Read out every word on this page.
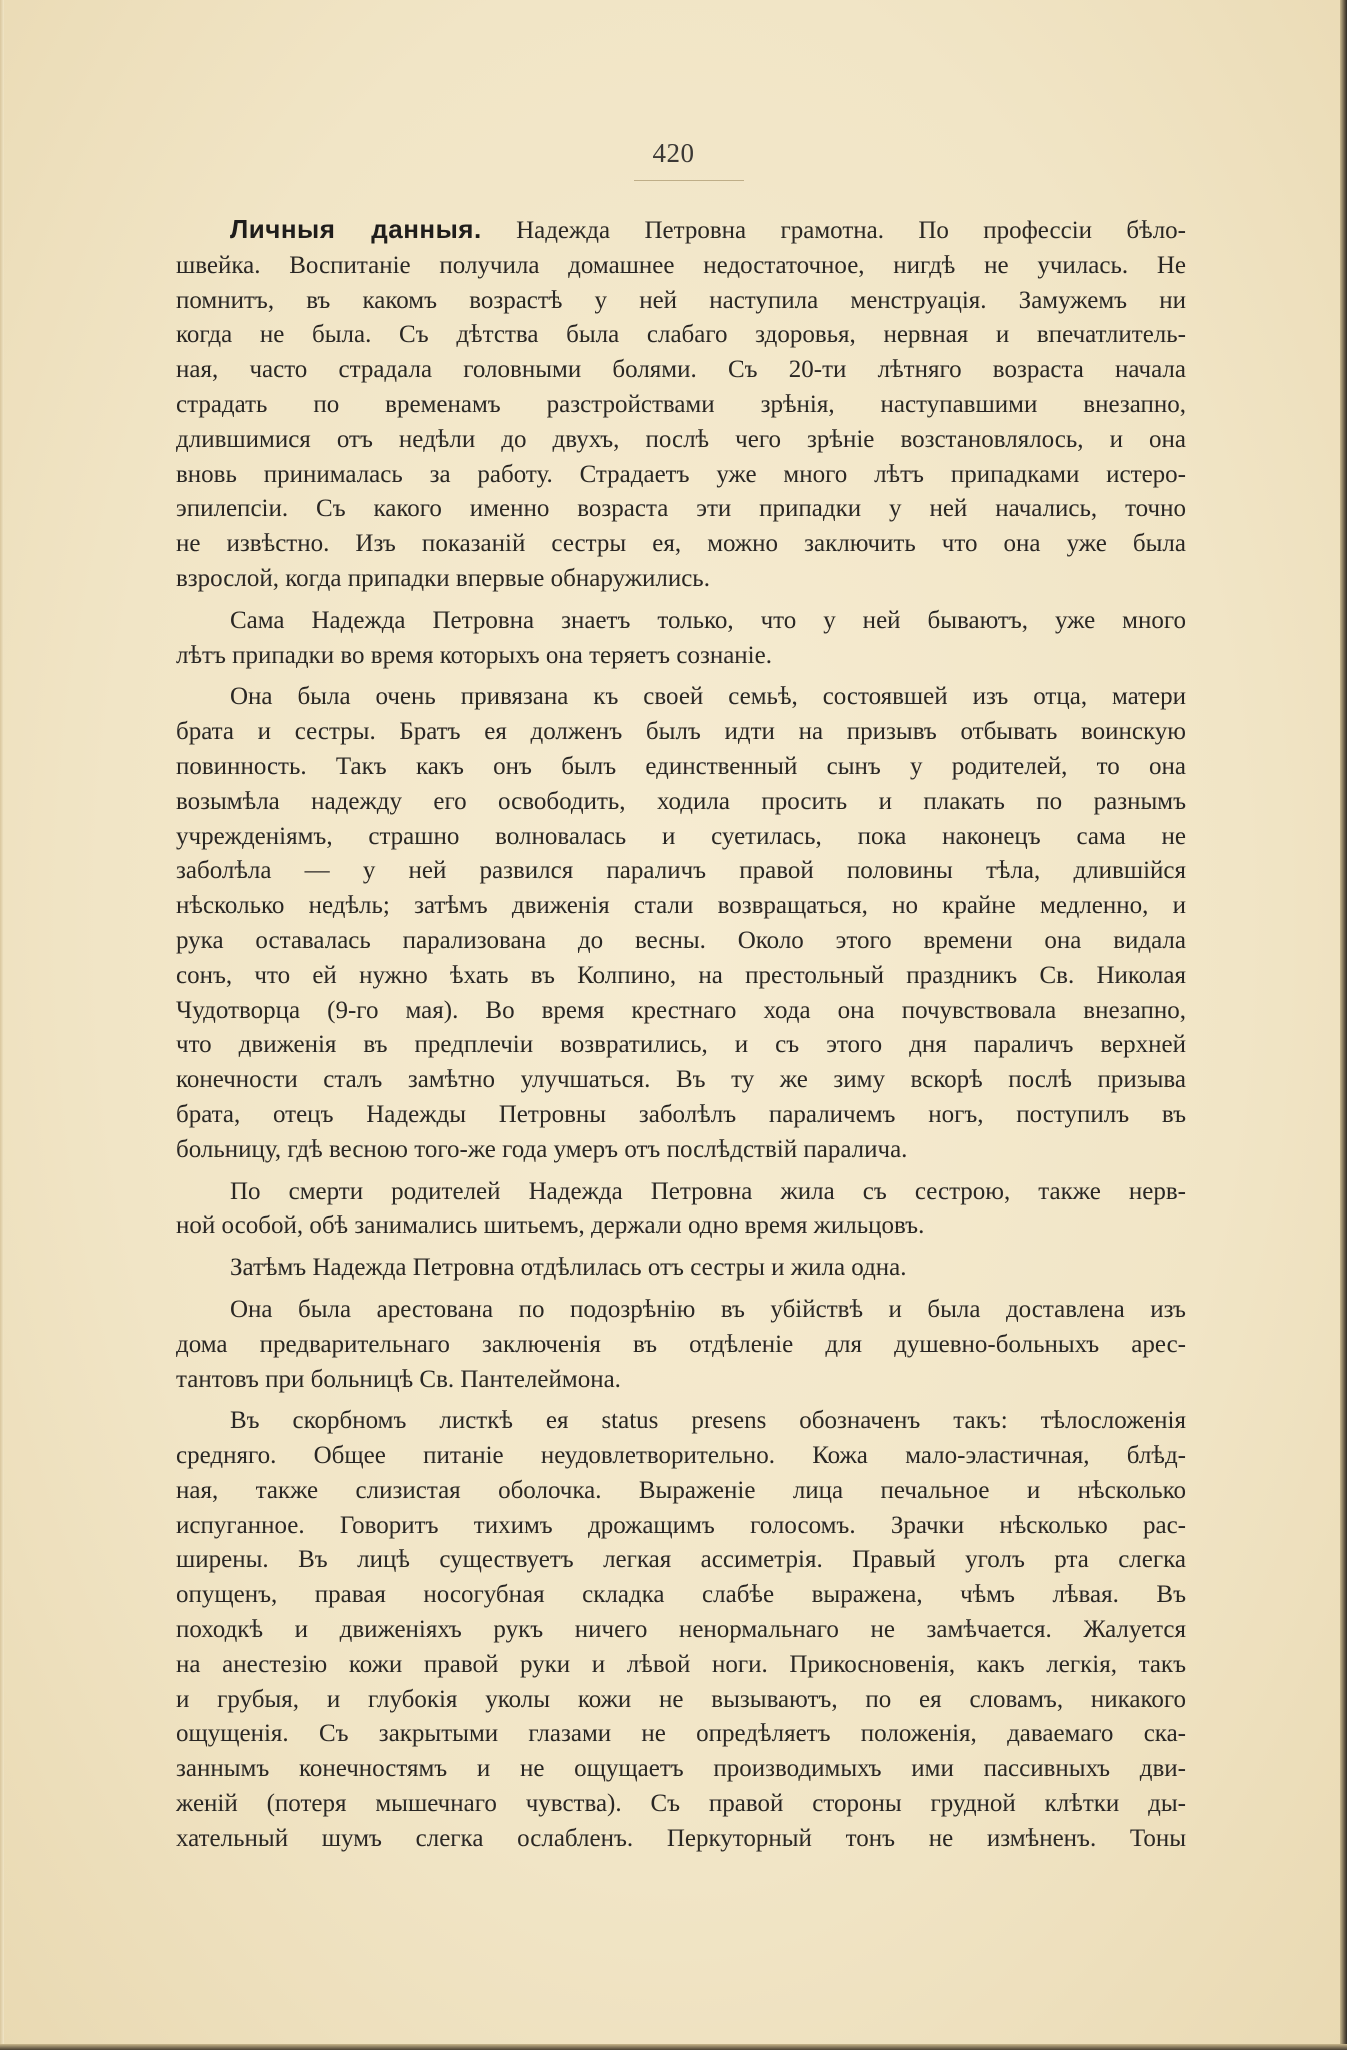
420
Личныя данныя. Надежда Петровна грамотна. По профессіи бѣло-
швейка. Воспитаніе получила домашнее недостаточное, нигдѣ не училась. Не
помнитъ, въ какомъ возрастѣ у ней наступила менструація. Замужемъ ни
когда не была. Съ дѣтства была слабаго здоровья, нервная и впечатлитель-
ная, часто страдала головными болями. Съ 20-ти лѣтняго возраста начала
страдать по временамъ разстройствами зрѣнія, наступавшими внезапно,
длившимися отъ недѣли до двухъ, послѣ чего зрѣніе возстановлялось, и она
вновь принималась за работу. Страдаетъ уже много лѣтъ припадками истеро-
эпилепсіи. Съ какого именно возраста эти припадки у ней начались, точно
не извѣстно. Изъ показаній сестры ея, можно заключить что она уже была
взрослой, когда припадки впервые обнаружились.
Сама Надежда Петровна знаетъ только, что у ней бываютъ, уже много
лѣтъ припадки во время которыхъ она теряетъ сознаніе.
Она была очень привязана къ своей семьѣ, состоявшей изъ отца, матери
брата и сестры. Братъ ея долженъ былъ идти на призывъ отбывать воинскую
повинность. Такъ какъ онъ былъ единственный сынъ у родителей, то она
возымѣла надежду его освободить, ходила просить и плакать по разнымъ
учрежденіямъ, страшно волновалась и суетилась, пока наконецъ сама не
заболѣла — у ней развился параличъ правой половины тѣла, длившійся
нѣсколько недѣль; затѣмъ движенія стали возвращаться, но крайне медленно, и
рука оставалась парализована до весны. Около этого времени она видала
сонъ, что ей нужно ѣхать въ Колпино, на престольный праздникъ Св. Николая
Чудотворца (9-го мая). Во время крестнаго хода она почувствовала внезапно,
что движенія въ предплечіи возвратились, и съ этого дня параличъ верхней
конечности сталъ замѣтно улучшаться. Въ ту же зиму вскорѣ послѣ призыва
брата, отецъ Надежды Петровны заболѣлъ параличемъ ногъ, поступилъ въ
больницу, гдѣ весною того-же года умеръ отъ послѣдствій паралича.
По смерти родителей Надежда Петровна жила съ сестрою, также нерв-
ной особой, обѣ занимались шитьемъ, держали одно время жильцовъ.
Затѣмъ Надежда Петровна отдѣлилась отъ сестры и жила одна.
Она была арестована по подозрѣнію въ убійствѣ и была доставлена изъ
дома предварительнаго заключенія въ отдѣленіе для душевно-больныхъ арес-
тантовъ при больницѣ Св. Пантелеймона.
Въ скорбномъ листкѣ ея status presens обозначенъ такъ: тѣлосложенія
средняго. Общее питаніе неудовлетворительно. Кожа мало-эластичная, блѣд-
ная, также слизистая оболочка. Выраженіе лица печальное и нѣсколько
испуганное. Говоритъ тихимъ дрожащимъ голосомъ. Зрачки нѣсколько рас-
ширены. Въ лицѣ существуетъ легкая ассиметрія. Правый уголъ рта слегка
опущенъ, правая носогубная складка слабѣе выражена, чѣмъ лѣвая. Въ
походкѣ и движеніяхъ рукъ ничего ненормальнаго не замѣчается. Жалуется
на анестезію кожи правой руки и лѣвой ноги. Прикосновенія, какъ легкія, такъ
и грубыя, и глубокія уколы кожи не вызываютъ, по ея словамъ, никакого
ощущенія. Съ закрытыми глазами не опредѣляетъ положенія, даваемаго ска-
заннымъ конечностямъ и не ощущаетъ производимыхъ ими пассивныхъ дви-
женій (потеря мышечнаго чувства). Съ правой стороны грудной клѣтки ды-
хательный шумъ слегка ослабленъ. Перкуторный тонъ не измѣненъ. Тоны
